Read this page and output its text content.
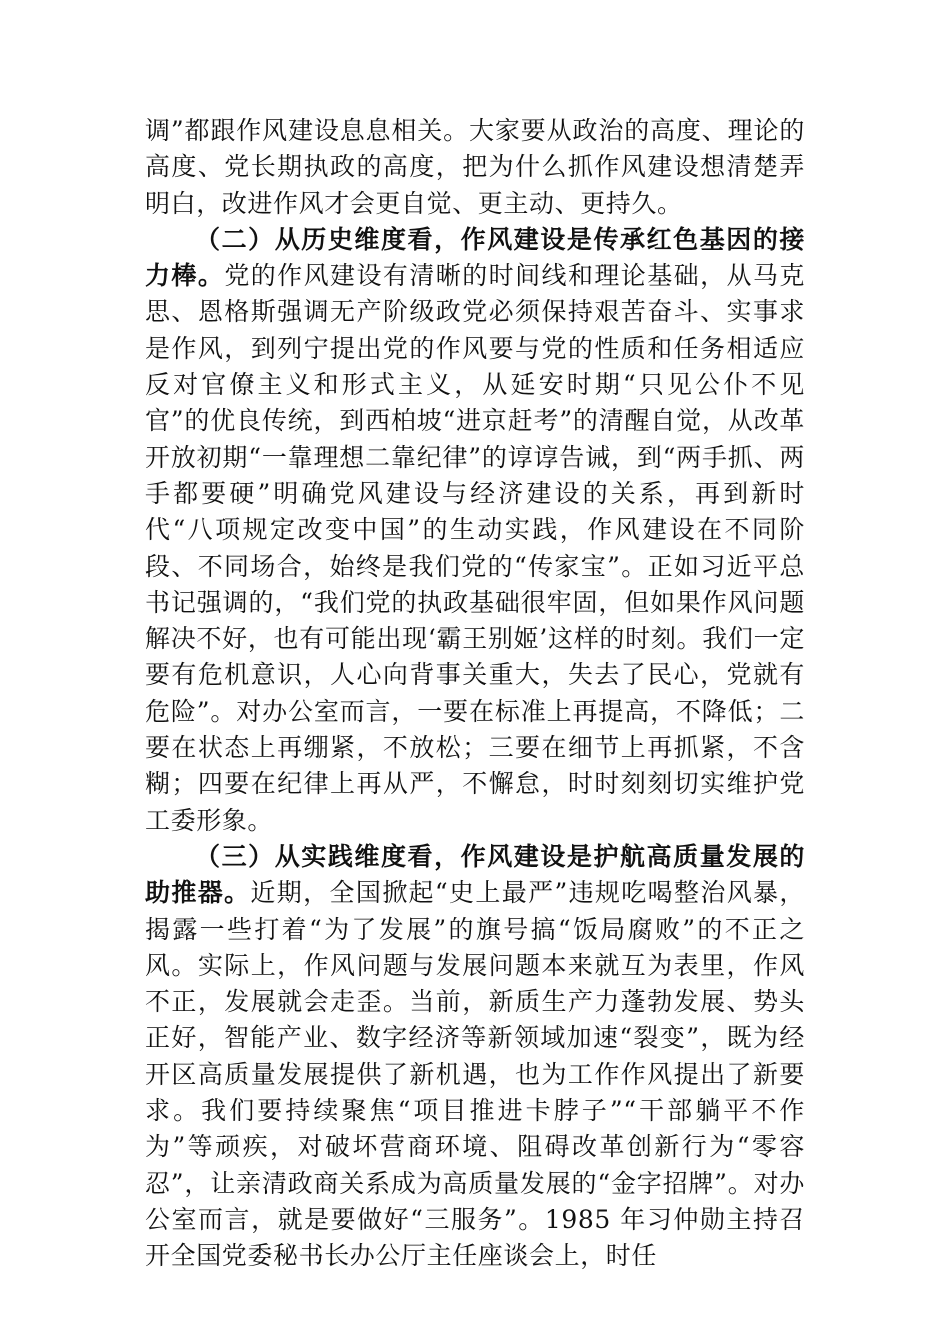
调”都跟作风建设息息相关。大家要从政治的高度、理论的高度、党长期执政的高度，把为什么抓作风建设想清楚弄明白，改进作风才会更自觉、更主动、更持久。

（二）从历史维度看，作风建设是传承红色基因的接力棒。党的作风建设有清晰的时间线和理论基础，从马克思、恩格斯强调无产阶级政党必须保持艰苦奋斗、实事求是作风，到列宁提出党的作风要与党的性质和任务相适应反对官僚主义和形式主义，从延安时期“只见公仆不见官”的优良传统，到西柏坡“进京赶考”的清醒自觉，从改革开放初期“一靠理想二靠纪律”的谆谆告诫，到“两手抓、两手都要硬”明确党风建设与经济建设的关系，再到新时代“八项规定改变中国”的生动实践，作风建设在不同阶段、不同场合，始终是我们党的“传家宝”。正如习近平总书记强调的，“我们党的执政基础很牢固，但如果作风问题解决不好，也有可能出现‘霸王别姬’这样的时刻。我们一定要有危机意识，人心向背事关重大，失去了民心，党就有危险”。对办公室而言，一要在标准上再提高，不降低；二要在状态上再绷紧，不放松；三要在细节上再抓紧，不含糊；四要在纪律上再从严，不懈怠，时时刻刻切实维护党工委形象。

（三）从实践维度看，作风建设是护航高质量发展的助推器。近期，全国掀起“史上最严”违规吃喝整治风暴，揭露一些打着“为了发展”的旗号搞“饭局腐败”的不正之风。实际上，作风问题与发展问题本来就互为表里，作风不正，发展就会走歪。当前，新质生产力蓬勃发展、势头正好，智能产业、数字经济等新领域加速“裂变”，既为经开区高质量发展提供了新机遇，也为工作作风提出了新要求。我们要持续聚焦“项目推进卡脖子”“干部躺平不作为”等顽疾，对破坏营商环境、阻碍改革创新行为“零容忍”，让亲清政商关系成为高质量发展的“金字招牌”。对办公室而言，就是要做好“三服务”。1985 年习仲勋主持召开全国党委秘书长办公厅主任座谈会上，时任
